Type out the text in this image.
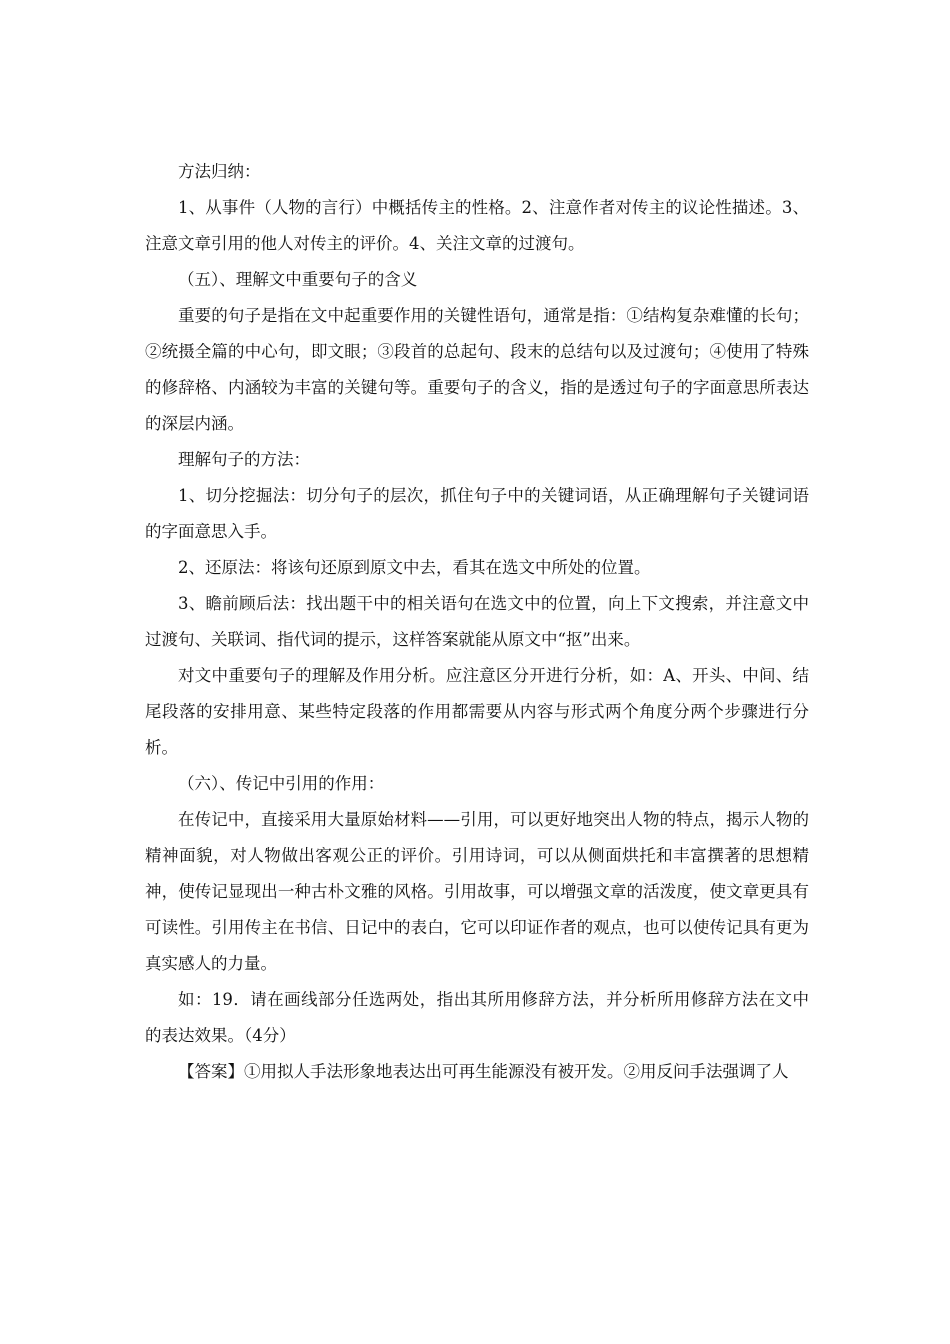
方法归纳：

1、从事件（人物的言行）中概括传主的性格。2、注意作者对传主的议论性描述。3、注意文章引用的他人对传主的评价。4、关注文章的过渡句。

（五）、理解文中重要句子的含义

重要的句子是指在文中起重要作用的关键性语句，通常是指：①结构复杂难懂的长句；②统摄全篇的中心句，即文眼；③段首的总起句、段末的总结句以及过渡句；④使用了特殊的修辞格、内涵较为丰富的关键句等。重要句子的含义，指的是透过句子的字面意思所表达的深层内涵。

理解句子的方法：

1、切分挖掘法：切分句子的层次，抓住句子中的关键词语，从正确理解句子关键词语的字面意思入手。

2、还原法：将该句还原到原文中去，看其在选文中所处的位置。

3、瞻前顾后法：找出题干中的相关语句在选文中的位置，向上下文搜索，并注意文中过渡句、关联词、指代词的提示，这样答案就能从原文中“抠”出来。

对文中重要句子的理解及作用分析。应注意区分开进行分析，如：A、开头、中间、结尾段落的安排用意、某些特定段落的作用都需要从内容与形式两个角度分两个步骤进行分析。

（六）、传记中引用的作用：

在传记中，直接采用大量原始材料——引用，可以更好地突出人物的特点，揭示人物的精神面貌，对人物做出客观公正的评价。引用诗词，可以从侧面烘托和丰富撰著的思想精神，使传记显现出一种古朴文雅的风格。引用故事，可以增强文章的活泼度，使文章更具有可读性。引用传主在书信、日记中的表白，它可以印证作者的观点，也可以使传记具有更为真实感人的力量。

如：19．请在画线部分任选两处，指出其所用修辞方法，并分析所用修辞方法在文中的表达效果。（4分）

【答案】①用拟人手法形象地表达出可再生能源没有被开发。②用反问手法强调了人
